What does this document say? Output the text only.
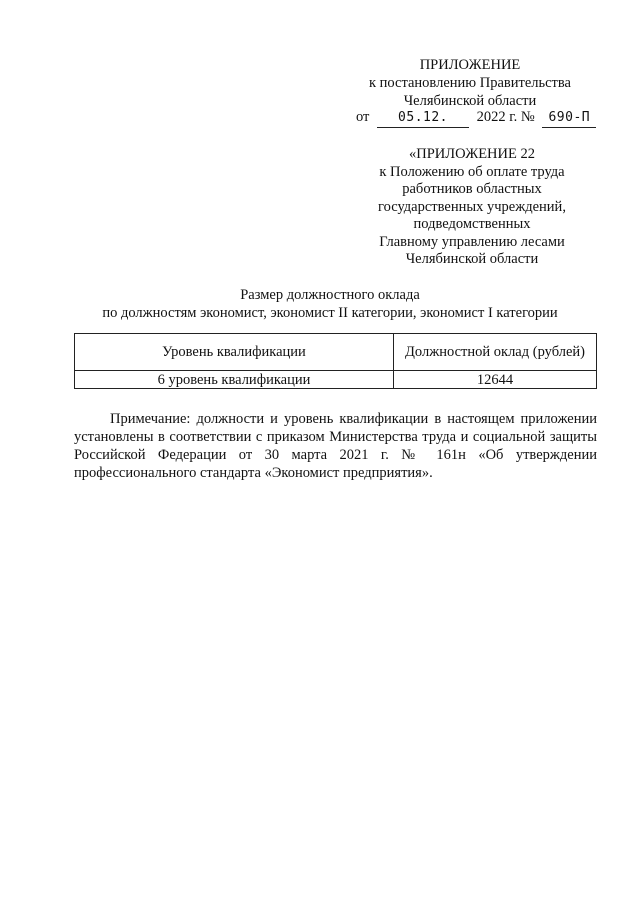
ПРИЛОЖЕНИЕ
к постановлению Правительства
Челябинской области
от 05.12. 2022 г. № 690-П
«ПРИЛОЖЕНИЕ 22
к Положению об оплате труда
работников областных
государственных учреждений,
подведомственных
Главному управлению лесами
Челябинской области
Размер должностного оклада
по должностям экономист, экономист II категории, экономист I категории
Уровень квалификации	Должностной оклад (рублей)
6 уровень квалификации	12644

Примечание: должности и уровень квалификации в настоящем приложении установлены в соответствии с приказом Министерства труда и социальной защиты Российской Федерации от 30 марта 2021 г. № 161н «Об утверждении профессионального стандарта «Экономист предприятия».
